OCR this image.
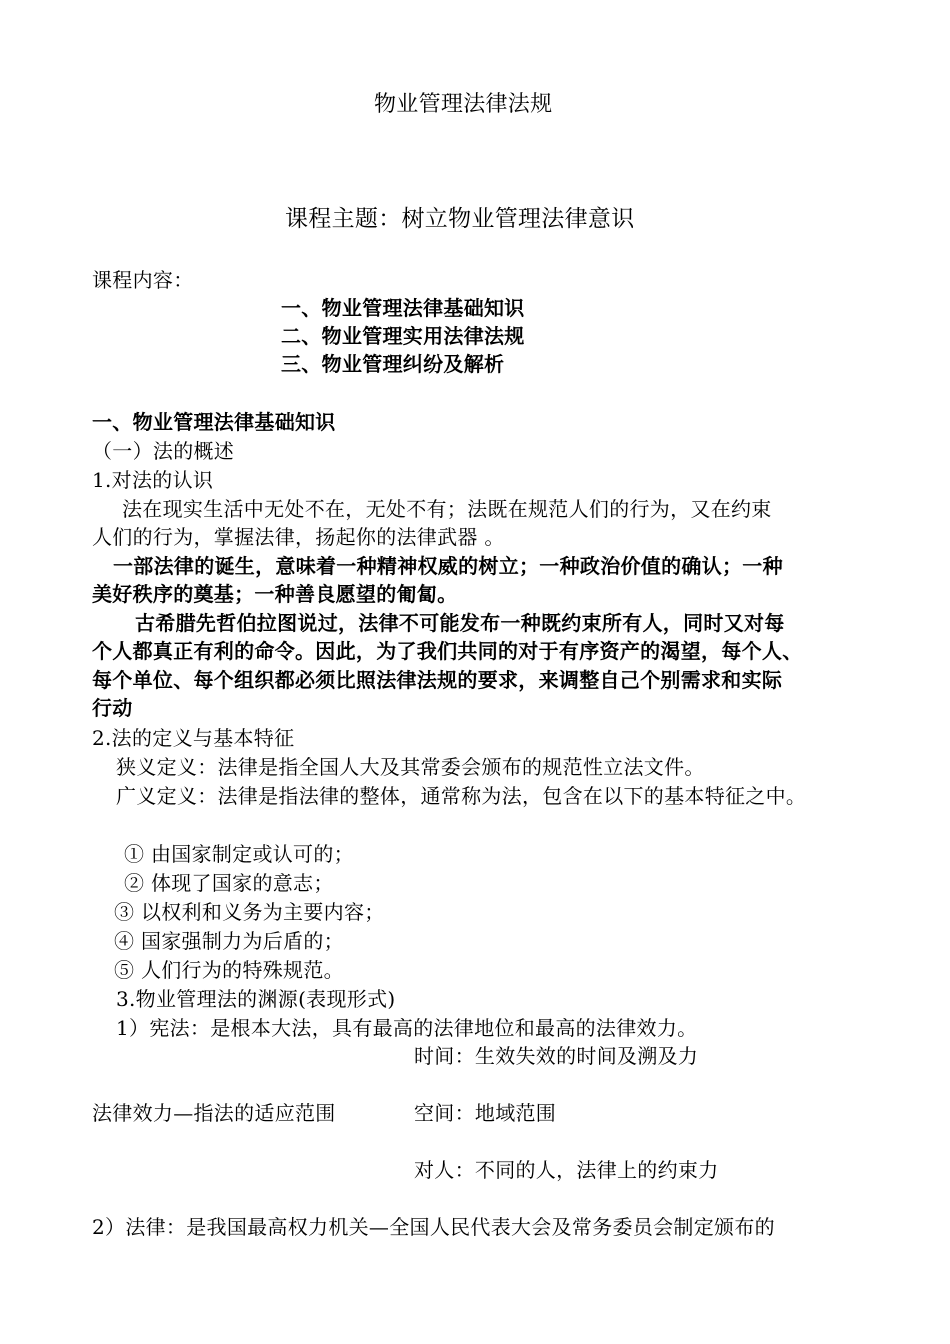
物业管理法律法规
课程主题：树立物业管理法律意识
课程内容：
一、物业管理法律基础知识
二、物业管理实用法律法规
三、物业管理纠纷及解析
一、物业管理法律基础知识
（一）法的概述
1.对法的认识
法在现实生活中无处不在，无处不有；法既在规范人们的行为，又在约束
人们的行为，掌握法律，扬起你的法律武器 。
一部法律的诞生，意味着一种精神权威的树立；一种政治价值的确认；一种
美好秩序的奠基；一种善良愿望的匍匐。
古希腊先哲伯拉图说过，法律不可能发布一种既约束所有人，同时又对每
个人都真正有利的命令。因此，为了我们共同的对于有序资产的渴望，每个人、
每个单位、每个组织都必须比照法律法规的要求，来调整自己个别需求和实际
行动
2.法的定义与基本特征
狭义定义：法律是指全国人大及其常委会颁布的规范性立法文件。
广义定义：法律是指法律的整体，通常称为法，包含在以下的基本特征之中。
① 由国家制定或认可的；
② 体现了国家的意志；
③ 以权利和义务为主要内容；
④ 国家强制力为后盾的；
⑤ 人们行为的特殊规范。
3.物业管理法的渊源(表现形式)
1）宪法：是根本大法，具有最高的法律地位和最高的法律效力。
时间：生效失效的时间及溯及力
法律效力—指法的适应范围	空间：地域范围
对人：不同的人，法律上的约束力
2）法律：是我国最高权力机关—全国人民代表大会及常务委员会制定颁布的
